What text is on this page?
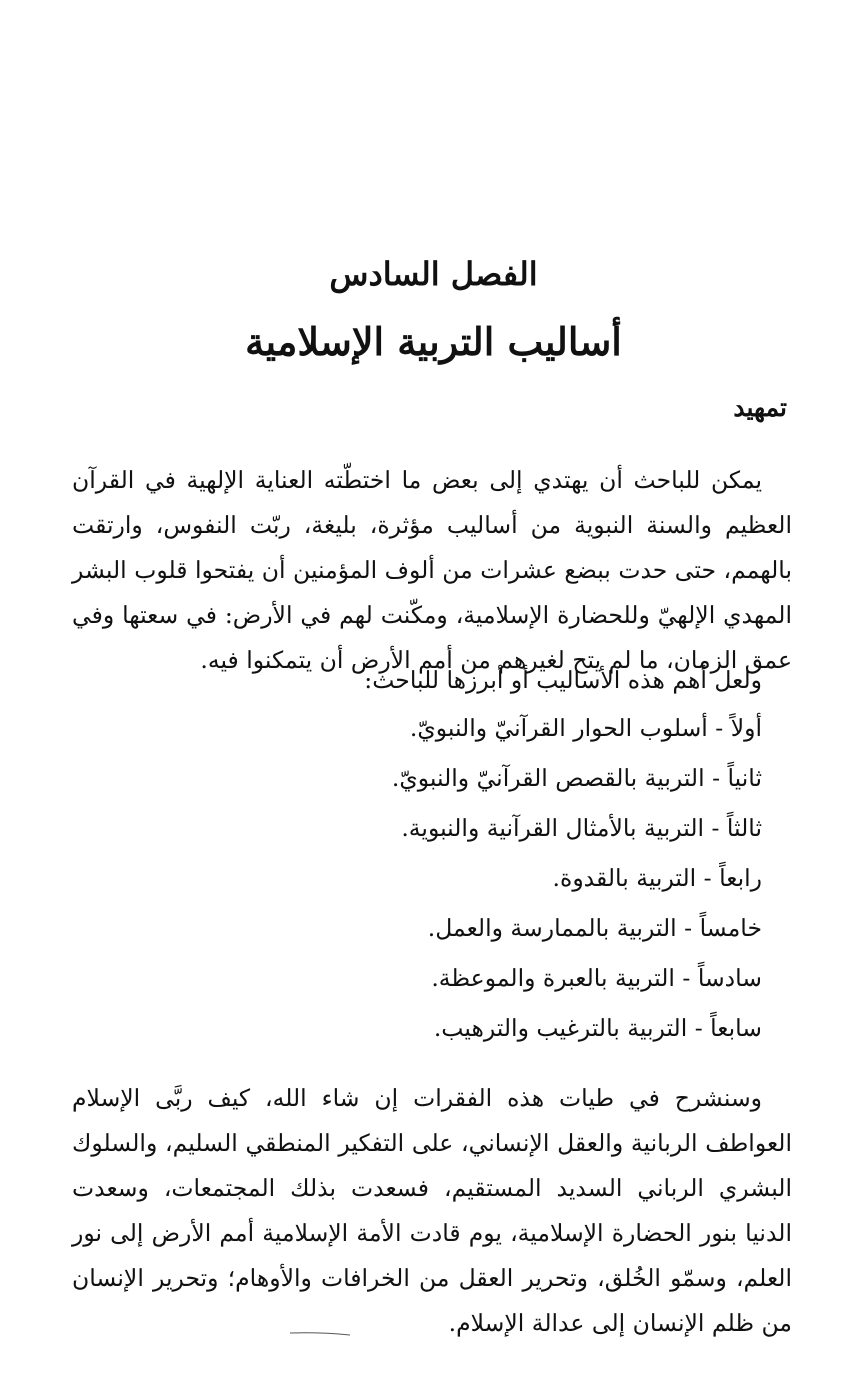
الفصل السادس
أساليب التربية الإسلامية
تمهيد

يمكن للباحث أن يهتدي إلى بعض ما اختطّته العناية الإلهية في القرآن العظيم والسنة النبوية من أساليب مؤثرة، بليغة، ربّت النفوس، وارتقت بالهمم، حتى حدت ببضع عشرات من ألوف المؤمنين أن يفتحوا قلوب البشر المهدي الإلهيّ وللحضارة الإسلامية، ومكّنت لهم في الأرض: في سعتها وفي عمق الزمان، ما لم يتح لغيرهم من أمم الأرض أن يتمكنوا فيه.

ولعل أهم هذه الأساليب أو أبرزها للباحث:
أولاً - أسلوب الحوار القرآنيّ والنبويّ.
ثانياً - التربية بالقصص القرآنيّ والنبويّ.
ثالثاً - التربية بالأمثال القرآنية والنبوية.
رابعاً - التربية بالقدوة.
خامساً - التربية بالممارسة والعمل.
سادساً - التربية بالعبرة والموعظة.
سابعاً - التربية بالترغيب والترهيب.

وسنشرح في طيات هذه الفقرات إن شاء الله، كيف ربَّى الإسلام العواطف الربانية والعقل الإنساني، على التفكير المنطقي السليم، والسلوك البشري الرباني السديد المستقيم، فسعدت بذلك المجتمعات، وسعدت الدنيا بنور الحضارة الإسلامية، يوم قادت الأمة الإسلامية أمم الأرض إلى نور العلم، وسمّو الخُلق، وتحرير العقل من الخرافات والأوهام؛ وتحرير الإنسان من ظلم الإنسان إلى عدالة الإسلام.
